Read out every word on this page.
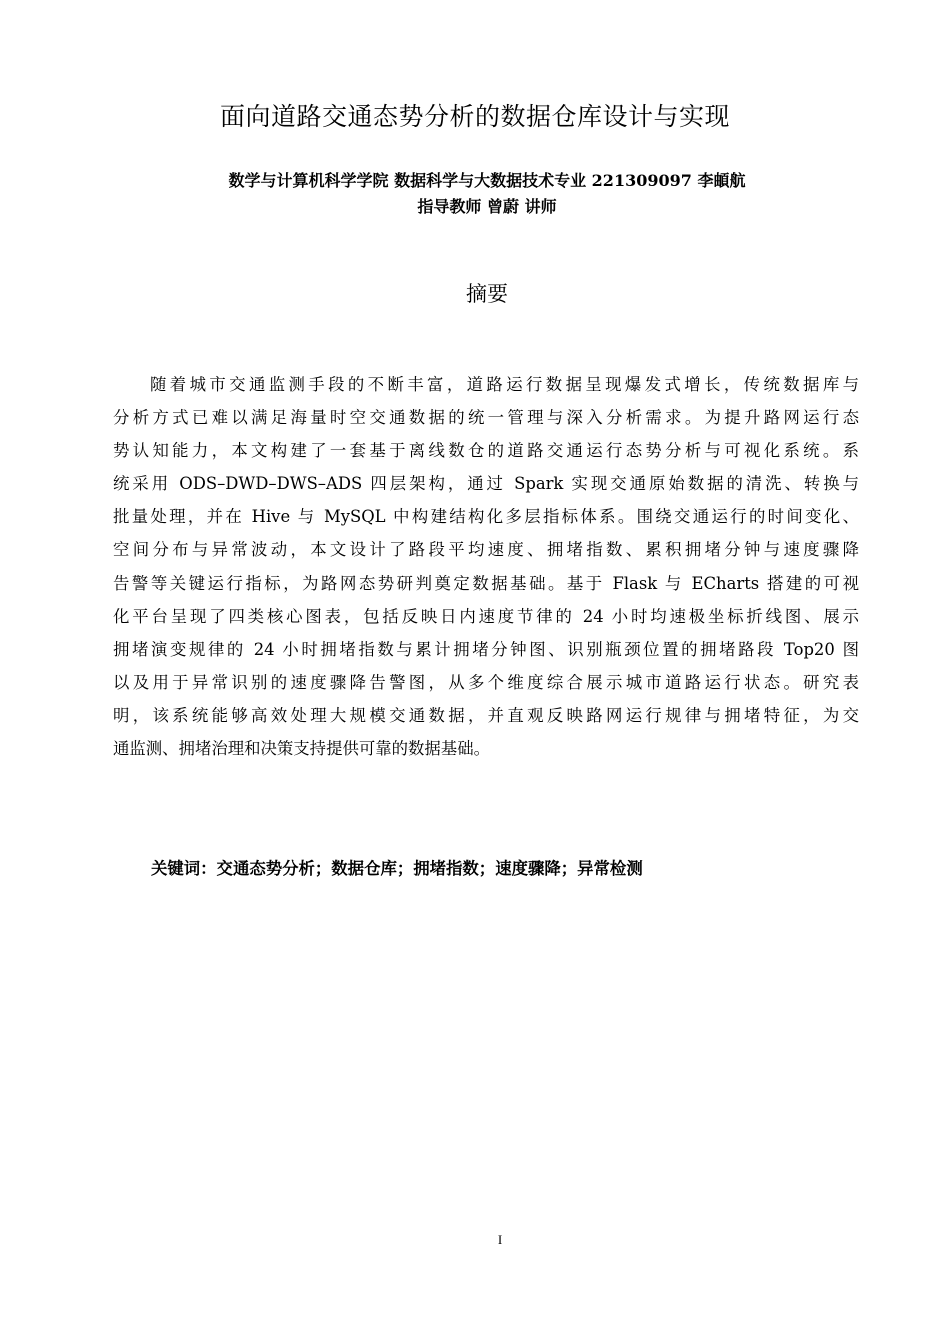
面向道路交通态势分析的数据仓库设计与实现
数学与计算机科学学院 数据科学与大数据技术专业 221309097 李頔航
指导教师 曾蔚 讲师
摘要
随着城市交通监测手段的不断丰富，道路运行数据呈现爆发式增长，传统数据库与
分析方式已难以满足海量时空交通数据的统一管理与深入分析需求。为提升路网运行态
势认知能力，本文构建了一套基于离线数仓的道路交通运行态势分析与可视化系统。系
统采用 ODS–DWD–DWS–ADS 四层架构，通过 Spark 实现交通原始数据的清洗、转换与
批量处理，并在 Hive 与 MySQL 中构建结构化多层指标体系。围绕交通运行的时间变化、
空间分布与异常波动，本文设计了路段平均速度、拥堵指数、累积拥堵分钟与速度骤降
告警等关键运行指标，为路网态势研判奠定数据基础。基于 Flask 与 ECharts 搭建的可视
化平台呈现了四类核心图表，包括反映日内速度节律的 24 小时均速极坐标折线图、展示
拥堵演变规律的 24 小时拥堵指数与累计拥堵分钟图、识别瓶颈位置的拥堵路段 Top20 图
以及用于异常识别的速度骤降告警图，从多个维度综合展示城市道路运行状态。研究表
明，该系统能够高效处理大规模交通数据，并直观反映路网运行规律与拥堵特征，为交
通监测、拥堵治理和决策支持提供可靠的数据基础。
关键词：交通态势分析；数据仓库；拥堵指数；速度骤降；异常检测
I
